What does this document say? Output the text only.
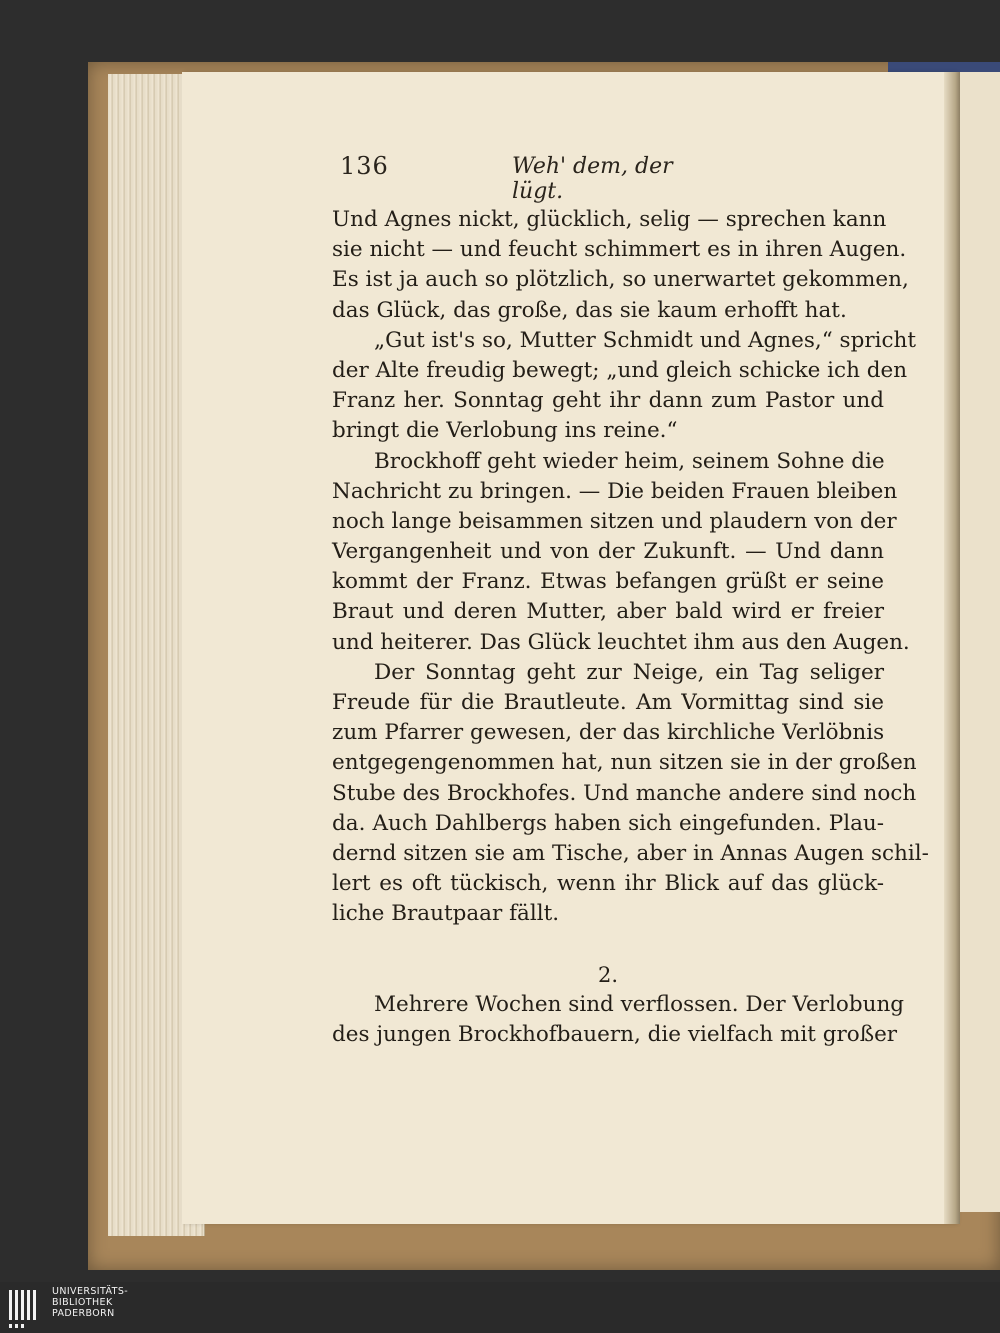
136	Weh' dem, der lügt.
Und Agnes nickt, glücklich, selig — sprechen kann
sie nicht — und feucht schimmert es in ihren Augen.
Es ist ja auch so plötzlich, so unerwartet gekommen,
das Glück, das große, das sie kaum erhofft hat.
„Gut ist's so, Mutter Schmidt und Agnes,“ spricht
der Alte freudig bewegt; „und gleich schicke ich den
Franz her. Sonntag geht ihr dann zum Pastor und
bringt die Verlobung ins reine.“
Brockhoff geht wieder heim, seinem Sohne die
Nachricht zu bringen. — Die beiden Frauen bleiben
noch lange beisammen sitzen und plaudern von der
Vergangenheit und von der Zukunft. — Und dann
kommt der Franz. Etwas befangen grüßt er seine
Braut und deren Mutter, aber bald wird er freier
und heiterer. Das Glück leuchtet ihm aus den Augen.
Der Sonntag geht zur Neige, ein Tag seliger
Freude für die Brautleute. Am Vormittag sind sie
zum Pfarrer gewesen, der das kirchliche Verlöbnis
entgegengenommen hat, nun sitzen sie in der großen
Stube des Brockhofes. Und manche andere sind noch
da. Auch Dahlbergs haben sich eingefunden. Plau-
dernd sitzen sie am Tische, aber in Annas Augen schil-
lert es oft tückisch, wenn ihr Blick auf das glück-
liche Brautpaar fällt.
2.
Mehrere Wochen sind verflossen. Der Verlobung
des jungen Brockhofbauern, die vielfach mit großer
UNIVERSITÄTS-
BIBLIOTHEK
PADERBORN
